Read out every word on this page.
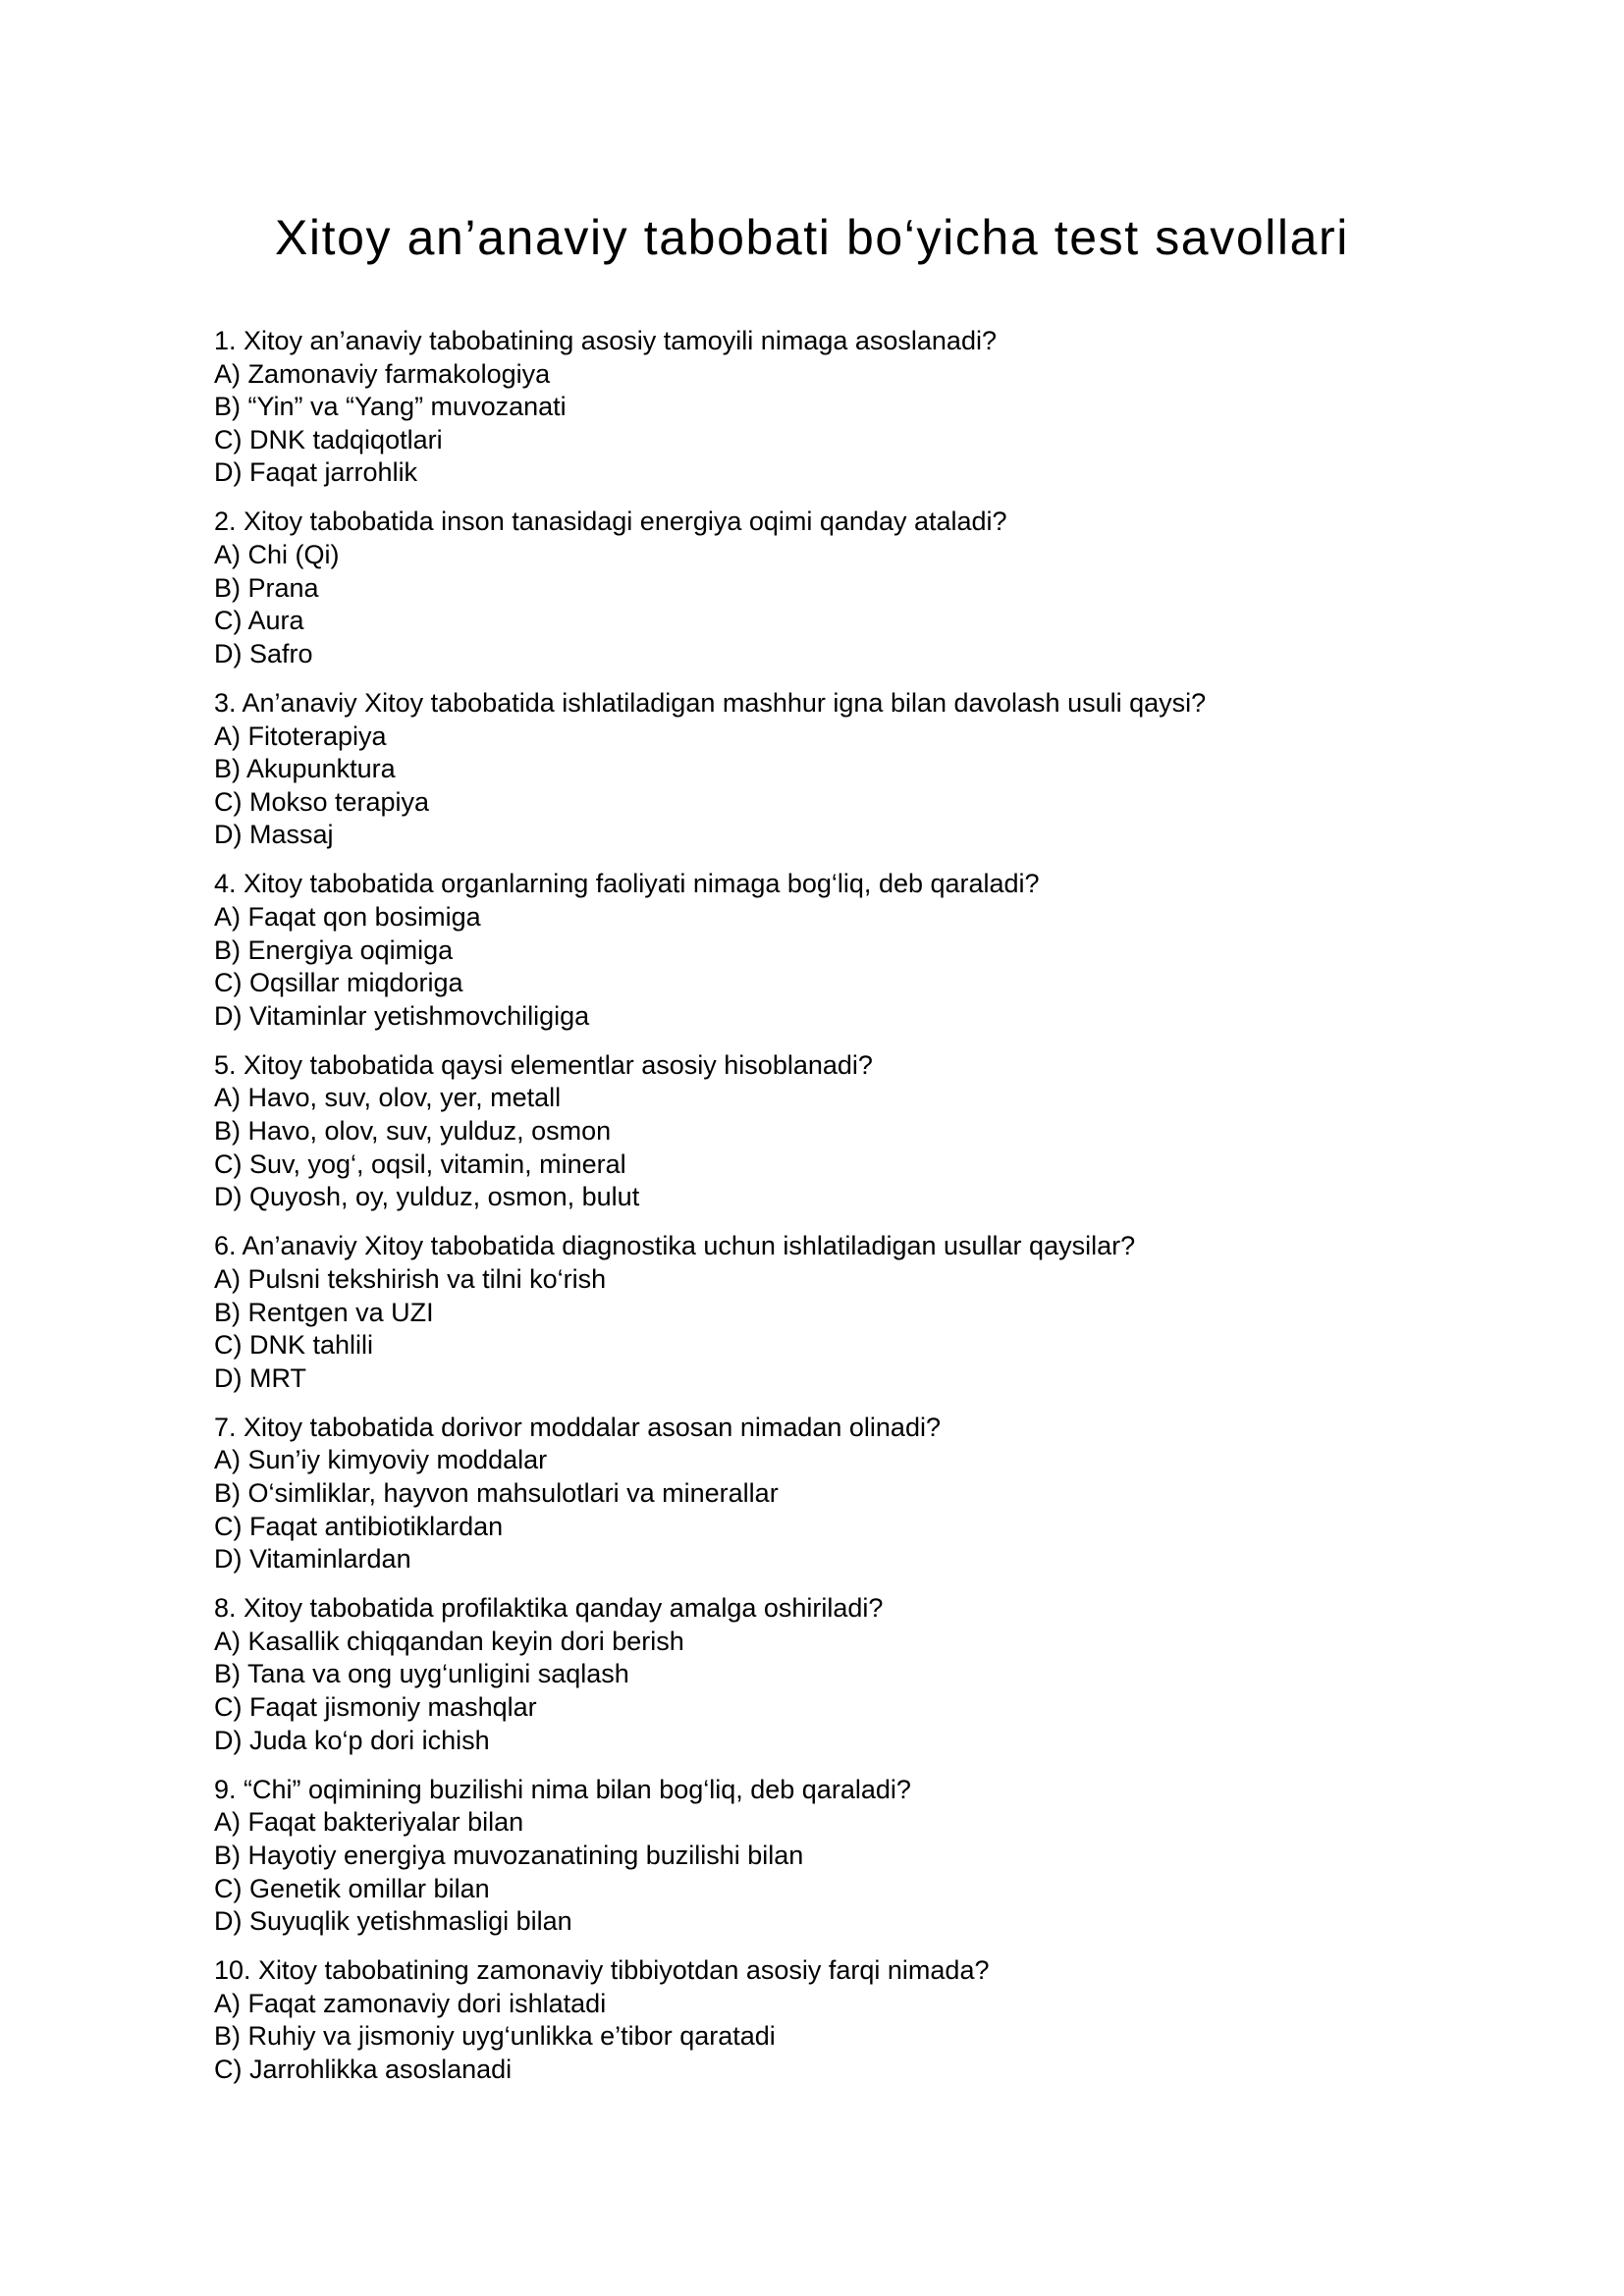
Xitoy an’anaviy tabobati bo‘yicha test savollari
1. Xitoy an’anaviy tabobatining asosiy tamoyili nimaga asoslanadi?
A) Zamonaviy farmakologiya
B) “Yin” va “Yang” muvozanati
C) DNK tadqiqotlari
D) Faqat jarrohlik
2. Xitoy tabobatida inson tanasidagi energiya oqimi qanday ataladi?
A) Chi (Qi)
B) Prana
C) Aura
D) Safro
3. An’anaviy Xitoy tabobatida ishlatiladigan mashhur igna bilan davolash usuli qaysi?
A) Fitoterapiya
B) Akupunktura
C) Mokso terapiya
D) Massaj
4. Xitoy tabobatida organlarning faoliyati nimaga bog‘liq, deb qaraladi?
A) Faqat qon bosimiga
B) Energiya oqimiga
C) Oqsillar miqdoriga
D) Vitaminlar yetishmovchiligiga
5. Xitoy tabobatida qaysi elementlar asosiy hisoblanadi?
A) Havo, suv, olov, yer, metall
B) Havo, olov, suv, yulduz, osmon
C) Suv, yog‘, oqsil, vitamin, mineral
D) Quyosh, oy, yulduz, osmon, bulut
6. An’anaviy Xitoy tabobatida diagnostika uchun ishlatiladigan usullar qaysilar?
A) Pulsni tekshirish va tilni ko‘rish
B) Rentgen va UZI
C) DNK tahlili
D) MRT
7. Xitoy tabobatida dorivor moddalar asosan nimadan olinadi?
A) Sun’iy kimyoviy moddalar
B) O‘simliklar, hayvon mahsulotlari va minerallar
C) Faqat antibiotiklardan
D) Vitaminlardan
8. Xitoy tabobatida profilaktika qanday amalga oshiriladi?
A) Kasallik chiqqandan keyin dori berish
B) Tana va ong uyg‘unligini saqlash
C) Faqat jismoniy mashqlar
D) Juda ko‘p dori ichish
9. “Chi” oqimining buzilishi nima bilan bog‘liq, deb qaraladi?
A) Faqat bakteriyalar bilan
B) Hayotiy energiya muvozanatining buzilishi bilan
C) Genetik omillar bilan
D) Suyuqlik yetishmasligi bilan
10. Xitoy tabobatining zamonaviy tibbiyotdan asosiy farqi nimada?
A) Faqat zamonaviy dori ishlatadi
B) Ruhiy va jismoniy uyg‘unlikka e’tibor qaratadi
C) Jarrohlikka asoslanadi
